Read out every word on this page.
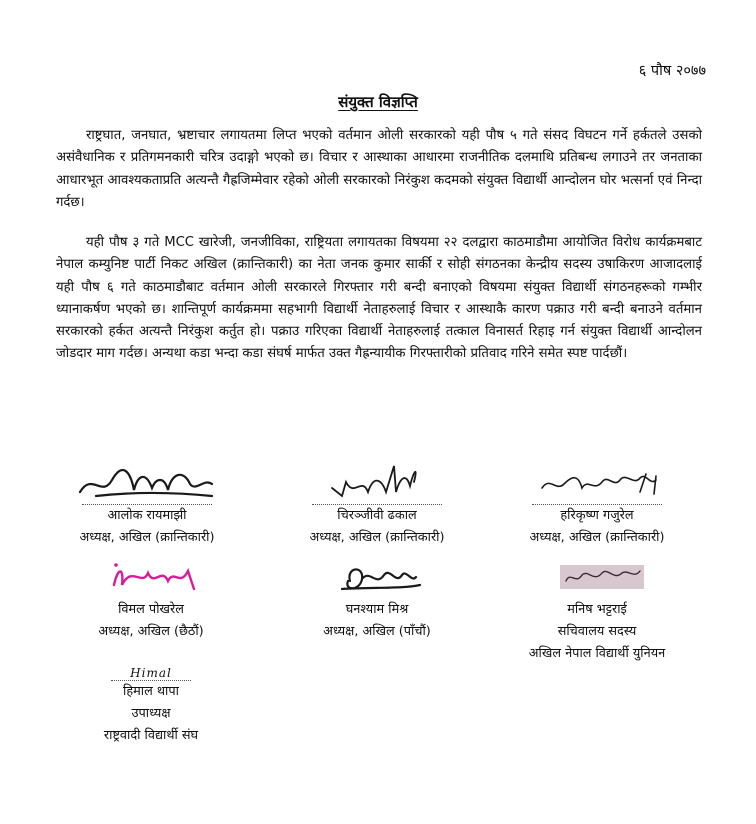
६ पौष २०७७
संयुक्त विज्ञप्ति

राष्ट्रघात, जनघात, भ्रष्टाचार लगायतमा लिप्त भएको वर्तमान ओली सरकारको यही पौष ५ गते संसद विघटन गर्ने हर्कतले उसको असंवैधानिक र प्रतिगमनकारी चरित्र उदाङ्गो भएको छ। विचार र आस्थाका आधारमा राजनीतिक दलमाथि प्रतिबन्ध लगाउने तर जनताका आधारभूत आवश्यकताप्रति अत्यन्तै गैह्रजिम्मेवार रहेको ओली सरकारको निरंकुश कदमको संयुक्त विद्यार्थी आन्दोलन घोर भत्सर्ना एवं निन्दा गर्दछ।

यही पौष ३ गते MCC खारेजी, जनजीविका, राष्ट्रियता लगायतका विषयमा २२ दलद्वारा काठमाडौमा आयोजित विरोध कार्यक्रमबाट नेपाल कम्युनिष्ट पार्टी निकट अखिल (क्रान्तिकारी) का नेता जनक कुमार सार्की र सोही संगठनका केन्द्रीय सदस्य उषाकिरण आजादलाई यही पौष ६ गते काठमाडौबाट वर्तमान ओली सरकारले गिरफ्तार गरी बन्दी बनाएको विषयमा संयुक्त विद्यार्थी संगठनहरूको गम्भीर ध्यानाकर्षण भएको छ। शान्तिपूर्ण कार्यक्रममा सहभागी विद्यार्थी नेताहरुलाई विचार र आस्थाकै कारण पक्राउ गरी बन्दी बनाउने वर्तमान सरकारको हर्कत अत्यन्तै निरंकुश कर्तुत हो। पक्राउ गरिएका विद्यार्थी नेताहरुलाई तत्काल विनासर्त रिहाइ गर्न संयुक्त विद्यार्थी आन्दोलन जोडदार माग गर्दछ। अन्यथा कडा भन्दा कडा संघर्ष मार्फत उक्त गैह्रन्यायीक गिरफ्तारीको प्रतिवाद गरिने समेत स्पष्ट पार्दछौं।

आलोक रायमाझी
अध्यक्ष, अखिल (क्रान्तिकारी)
चिरञ्जीवी ढकाल
अध्यक्ष, अखिल (क्रान्तिकारी)
हरिकृष्ण गजुरेल
अध्यक्ष, अखिल (क्रान्तिकारी)
विमल पोखरेल
अध्यक्ष, अखिल (छैठौं)
घनश्याम मिश्र
अध्यक्ष, अखिल (पाँचौं)
मनिष भट्टराई
सचिवालय सदस्य
अखिल नेपाल विद्यार्थी युनियन
Himal
हिमाल थापा
उपाध्यक्ष
राष्ट्रवादी विद्यार्थी संघ
